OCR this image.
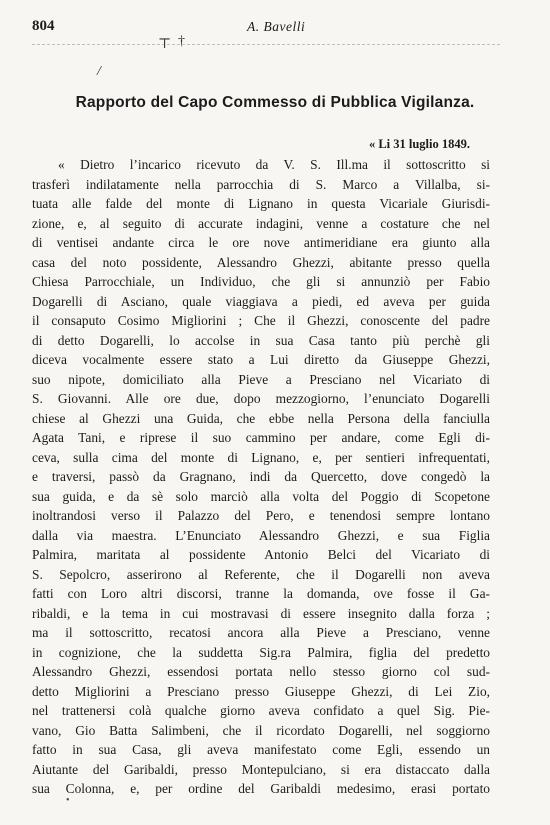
804	A. Bavelli
⊤ †
/
Rapporto del Capo Commesso di Pubblica Vigilanza.
« Li 31 luglio 1849.
« Dietro l’incarico ricevuto da V. S. Ill.ma il sottoscritto si
trasferì indilatamente nella parrocchia di S. Marco a Villalba, si-
tuata alle falde del monte di Lignano in questa Vicariale Giurisdi-
zione, e, al seguito di accurate indagini, venne a costature che nel
di ventisei andante circa le ore nove antimeridiane era giunto alla
casa del noto possidente, Alessandro Ghezzi, abitante presso quella
Chiesa Parrocchiale, un Individuo, che gli si annunziò per Fabio
Dogarelli di Asciano, quale viaggiava a piedi, ed aveva per guida
il consaputo Cosimo Migliorini ; Che il Ghezzi, conoscente del padre
di detto Dogarelli, lo accolse in sua Casa tanto più perchè gli
diceva vocalmente essere stato a Lui diretto da Giuseppe Ghezzi,
suo nipote, domiciliato alla Pieve a Presciano nel Vicariato di
S. Giovanni. Alle ore due, dopo mezzogiorno, l’enunciato Dogarelli
chiese al Ghezzi una Guida, che ebbe nella Persona della fanciulla
Agata Tani, e riprese il suo cammino per andare, come Egli di-
ceva, sulla cima del monte di Lignano, e, per sentieri infrequentati,
e traversi, passò da Gragnano, indi da Quercetto, dove congedò la
sua guida, e da sè solo marciò alla volta del Poggio di Scopetone
inoltrandosi verso il Palazzo del Pero, e tenendosi sempre lontano
dalla via maestra. L’Enunciato Alessandro Ghezzi, e sua Figlia
Palmira, maritata al possidente Antonio Belci del Vicariato di
S. Sepolcro, asserirono al Referente, che il Dogarelli non aveva
fatti con Loro altri discorsi, tranne la domanda, ove fosse il Ga-
ribaldi, e la tema in cui mostravasi di essere insegnito dalla forza ;
ma il sottoscritto, recatosi ancora alla Pieve a Presciano, venne
in cognizione, che la suddetta Sig.ra Palmira, figlia del predetto
Alessandro Ghezzi, essendosi portata nello stesso giorno col sud-
detto Migliorini a Presciano presso Giuseppe Ghezzi, di Lei Zio,
nel trattenersi colà qualche giorno aveva confidato a quel Sig. Pie-
vano, Gio Batta Salimbeni, che il ricordato Dogarelli, nel soggiorno
fatto in sua Casa, gli aveva manifestato come Egli, essendo un
Aiutante del Garibaldi, presso Montepulciano, si era distaccato dalla
sua Colonna, e, per ordine del Garibaldi medesimo, erasi portato
•
